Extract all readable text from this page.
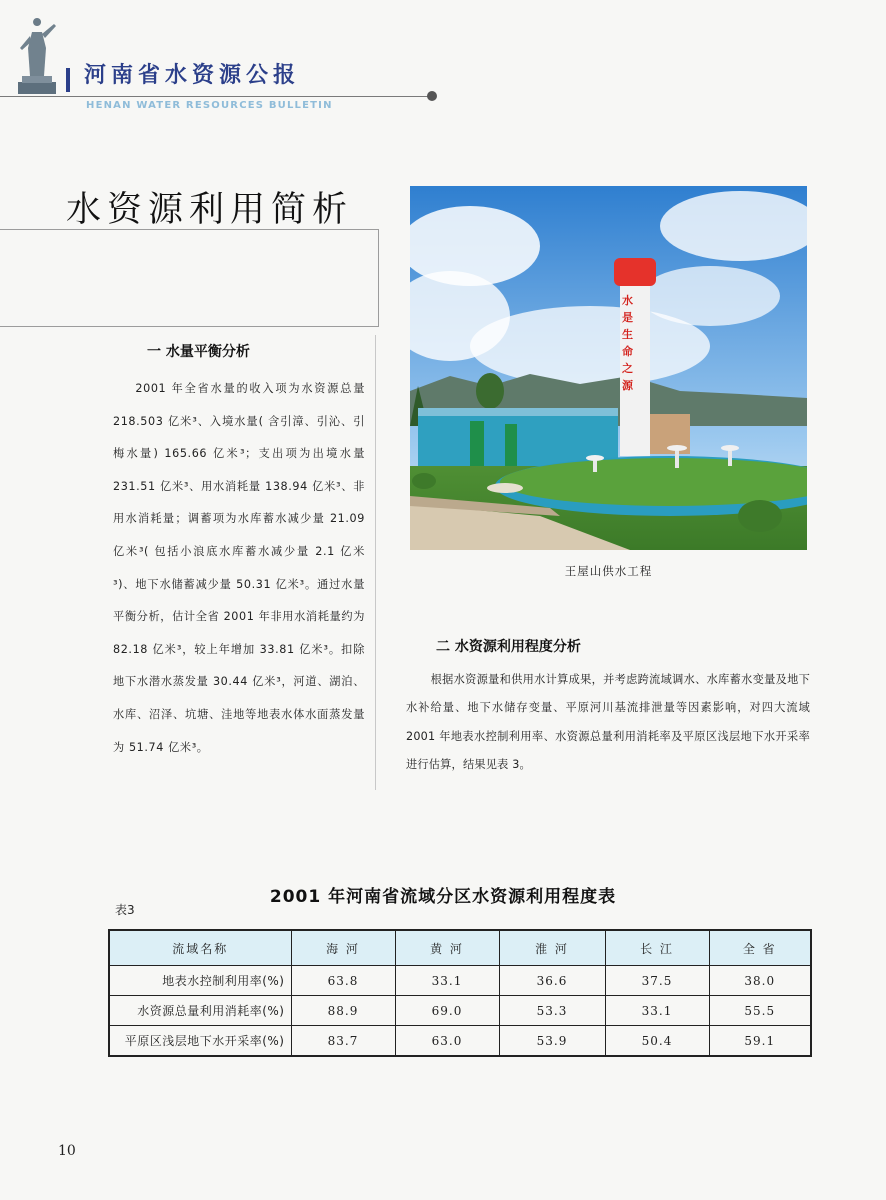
河南省水资源公报
HENAN WATER RESOURCES BULLETIN
水资源利用简析
一 水量平衡分析

2001 年全省水量的收入项为水资源总量 218.503 亿米³、入境水量( 含引漳、引沁、引梅水量) 165.66 亿米³；支出项为出境水量 231.51 亿米³、用水消耗量 138.94 亿米³、非用水消耗量；调蓄项为水库蓄水减少量 21.09 亿米³( 包括小浪底水库蓄水减少量 2.1 亿米³)、地下水储蓄减少量 50.31 亿米³。通过水量平衡分析，估计全省 2001 年非用水消耗量约为 82.18 亿米³，较上年增加 33.81 亿米³。扣除地下水潜水蒸发量 30.44 亿米³，河道、湖泊、水库、沼泽、坑塘、洼地等地表水体水面蒸发量为 51.74 亿米³。

水 是 生 命 之 源
王屋山供水工程
二 水资源利用程度分析

根据水资源量和供用水计算成果，并考虑跨流域调水、水库蓄水变量及地下水补给量、地下水储存变量、平原河川基流排泄量等因素影响，对四大流域 2001 年地表水控制利用率、水资源总量利用消耗率及平原区浅层地下水开采率进行估算，结果见表 3。

2001 年河南省流域分区水资源利用程度表
表3
流域名称	海 河	黄 河	淮 河	长 江	全 省
地表水控制利用率(%)	63.8	33.1	36.6	37.5	38.0
水资源总量利用消耗率(%)	88.9	69.0	53.3	33.1	55.5
平原区浅层地下水开采率(%)	83.7	63.0	53.9	50.4	59.1
10
